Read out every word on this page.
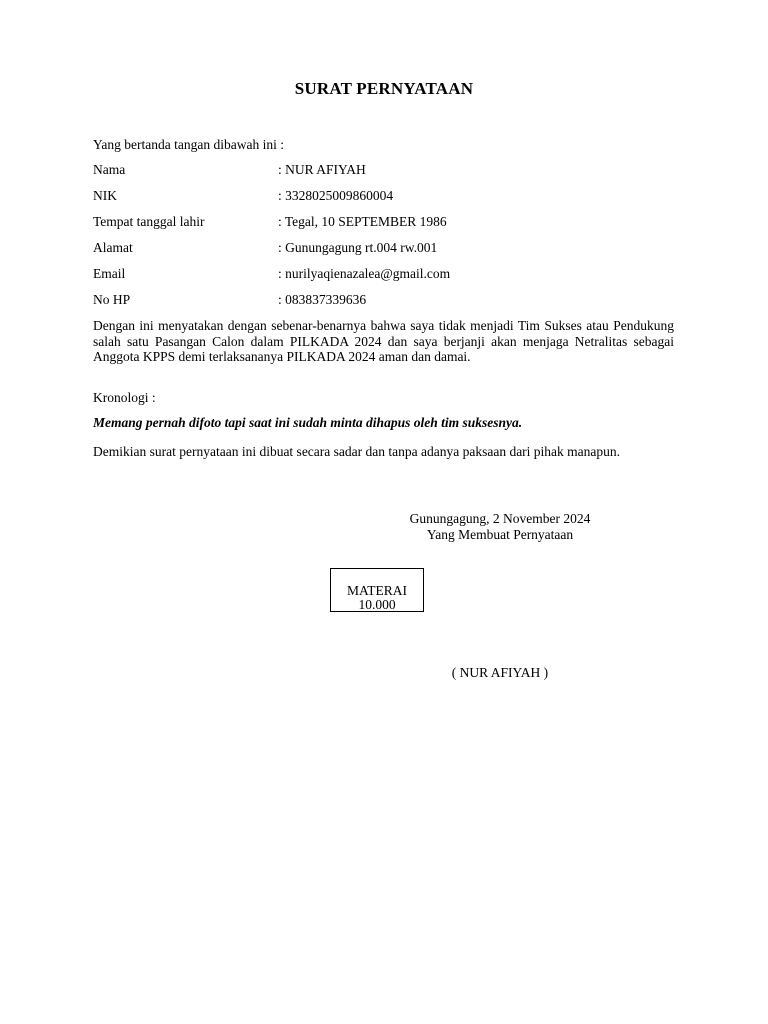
SURAT PERNYATAAN
Yang bertanda tangan dibawah ini :
Nama	: NUR AFIYAH
NIK	: 3328025009860004
Tempat tanggal lahir	: Tegal, 10 SEPTEMBER 1986
Alamat	: Gunungagung rt.004 rw.001
Email	: nurilyaqienazalea@gmail.com
No HP	: 083837339636
Dengan ini menyatakan dengan sebenar-benarnya bahwa saya tidak menjadi Tim Sukses atau Pendukung salah satu Pasangan Calon dalam PILKADA 2024 dan saya berjanji akan menjaga Netralitas sebagai Anggota KPPS demi terlaksananya PILKADA 2024 aman dan damai.
Kronologi :
Memang pernah difoto tapi saat ini sudah minta dihapus oleh tim suksesnya.
Demikian surat pernyataan ini dibuat secara sadar dan tanpa adanya paksaan dari pihak manapun.
Gunungagung, 2 November 2024
Yang Membuat Pernyataan
MATERAI
10.000
( NUR AFIYAH )
